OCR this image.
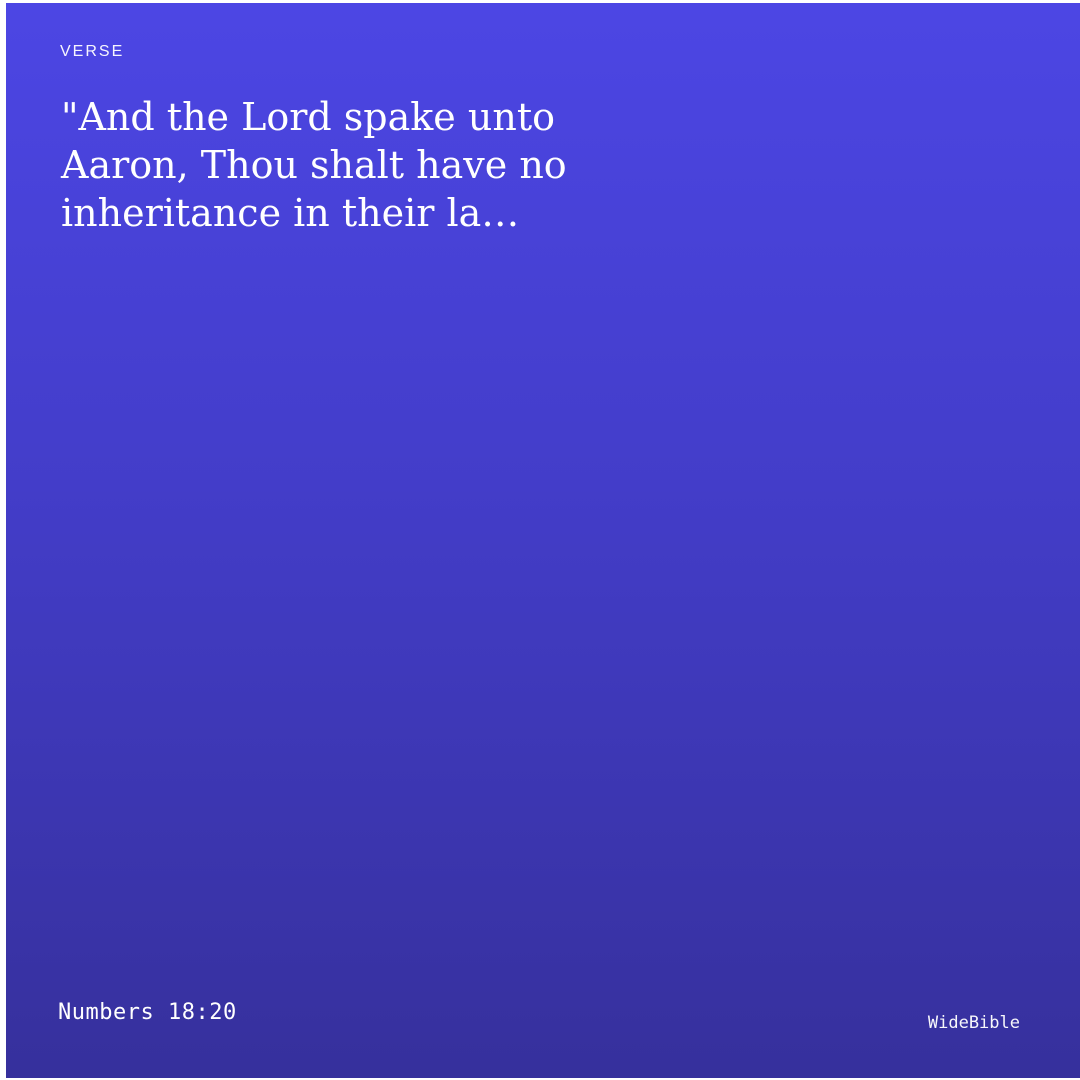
VERSE
"And the Lord spake unto
Aaron, Thou shalt have no
inheritance in their la…
Numbers 18:20	WideBible
